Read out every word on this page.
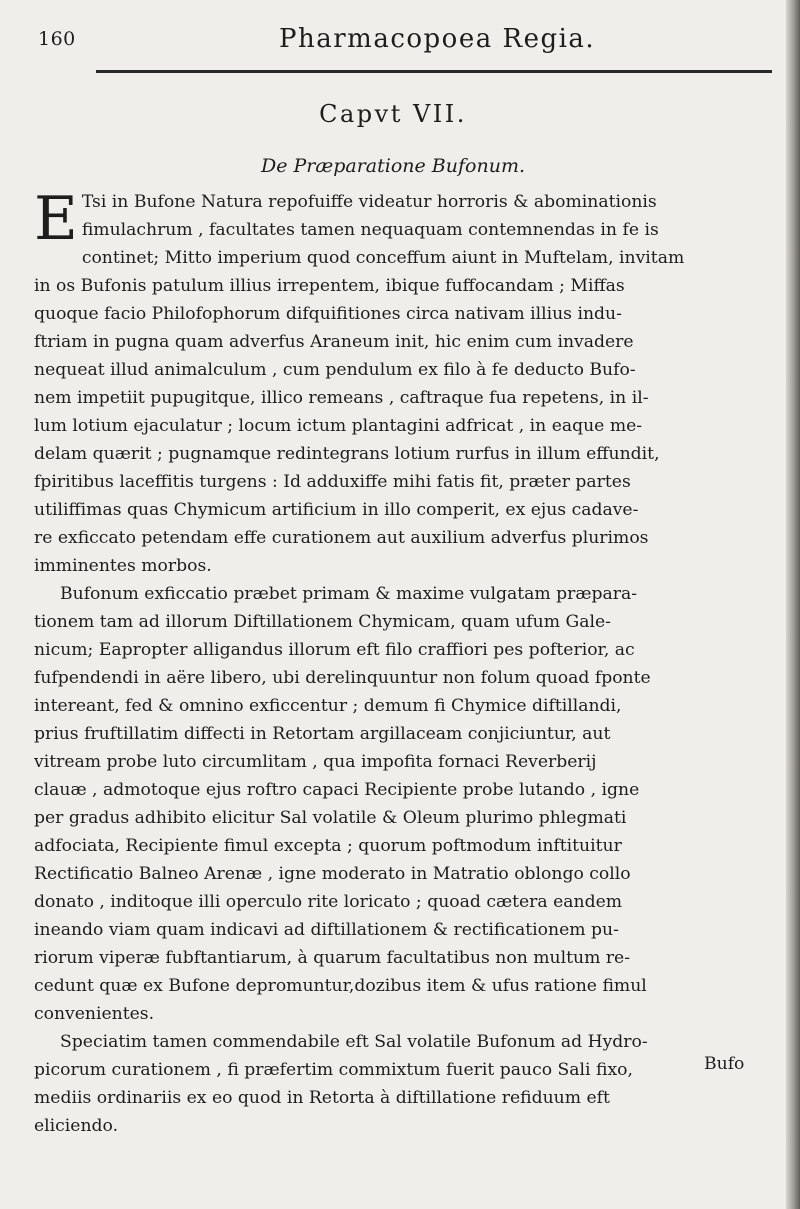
160	Pharmacopoea Regia.
Capvt VII.
De Præparatione Bufonum.
E Tsi in Bufone Natura repofuiffe videatur horroris & abominationis
fimulachrum , facultates tamen nequaquam contemnendas in fe is
continet; Mitto imperium quod conceffum aiunt in Muftelam, invitam
in os Bufonis patulum illius irrepentem, ibique fuffocandam ; Miffas
quoque facio Philofophorum difquifitiones circa nativam illius indu-
ftriam in pugna quam adverfus Araneum init, hic enim cum invadere
nequeat illud animalculum , cum pendulum ex filo à fe deducto Bufo-
nem impetiit pupugitque, illico remeans , caftraque fua repetens, in il-
lum lotium ejaculatur ; locum ictum plantagini adfricat , in eaque me-
delam quærit ; pugnamque redintegrans lotium rurfus in illum effundit,
fpiritibus laceffitis turgens : Id adduxiffe mihi fatis fit, præter partes
utiliffimas quas Chymicum artificium in illo comperit, ex ejus cadave-
re exficcato petendam effe curationem aut auxilium adverfus plurimos
imminentes morbos.
Bufonum exficcatio præbet primam & maxime vulgatam præpara-
tionem tam ad illorum Diftillationem Chymicam, quam ufum Gale-
nicum; Eapropter alligandus illorum eft filo craffiori pes pofterior, ac
fufpendendi in aëre libero, ubi derelinquuntur non folum quoad fponte
intereant, fed & omnino exficcentur ; demum fi Chymice diftillandi,
prius fruftillatim diffecti in Retortam argillaceam conjiciuntur, aut
vitream probe luto circumlitam , qua impofita fornaci Reverberij
clauæ , admotoque ejus roftro capaci Recipiente probe lutando , igne
per gradus adhibito elicitur Sal volatile & Oleum plurimo phlegmati
adfociata, Recipiente fimul excepta ; quorum poftmodum inftituitur
Rectificatio Balneo Arenæ , igne moderato in Matratio oblongo collo
donato , inditoque illi operculo rite loricato ; quoad cætera eandem
ineando viam quam indicavi ad diftillationem & rectificationem pu-
riorum viperæ fubftantiarum, à quarum facultatibus non multum re-
cedunt quæ ex Bufone depromuntur,dozibus item & ufus ratione fimul
convenientes.
Speciatim tamen commendabile eft Sal volatile Bufonum ad Hydro-
picorum curationem , fi præfertim commixtum fuerit pauco Sali fixo,
mediis ordinariis ex eo quod in Retorta à diftillatione refiduum eft
eliciendo.
Bufo
